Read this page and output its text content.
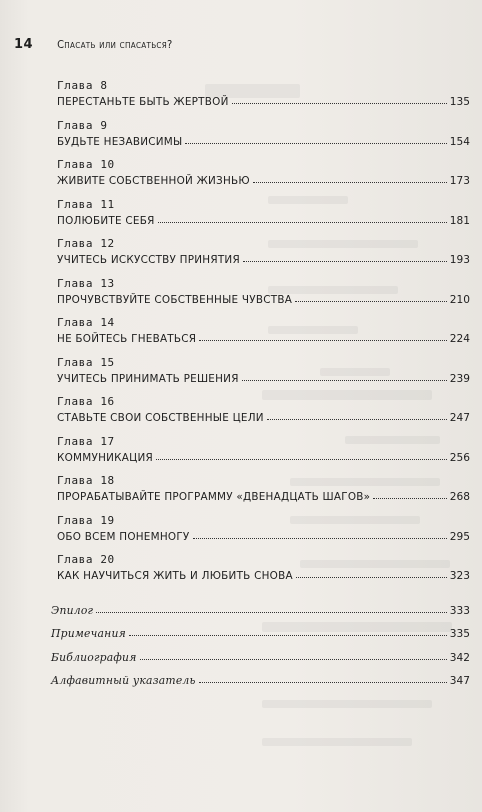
14 Спасать или спасаться?
Глава 8
ПЕРЕСТАНЬТЕ БЫТЬ ЖЕРТВОЙ	135
Глава 9
БУДЬТЕ НЕЗАВИСИМЫ	154
Глава 10
ЖИВИТЕ СОБСТВЕННОЙ ЖИЗНЬЮ	173
Глава 11
ПОЛЮБИТЕ СЕБЯ	181
Глава 12
УЧИТЕСЬ ИСКУССТВУ ПРИНЯТИЯ	193
Глава 13
ПРОЧУВСТВУЙТЕ СОБСТВЕННЫЕ ЧУВСТВА	210
Глава 14
НЕ БОЙТЕСЬ ГНЕВАТЬСЯ	224
Глава 15
УЧИТЕСЬ ПРИНИМАТЬ РЕШЕНИЯ	239
Глава 16
СТАВЬТЕ СВОИ СОБСТВЕННЫЕ ЦЕЛИ	247
Глава 17
КОММУНИКАЦИЯ	256
Глава 18
ПРОРАБАТЫВАЙТЕ ПРОГРАММУ «ДВЕНАДЦАТЬ ШАГОВ»	268
Глава 19
ОБО ВСЕМ ПОНЕМНОГУ	295
Глава 20
КАК НАУЧИТЬСЯ ЖИТЬ И ЛЮБИТЬ СНОВА	323
Эпилог	333
Примечания	335
Библиография	342
Алфавитный указатель	347
